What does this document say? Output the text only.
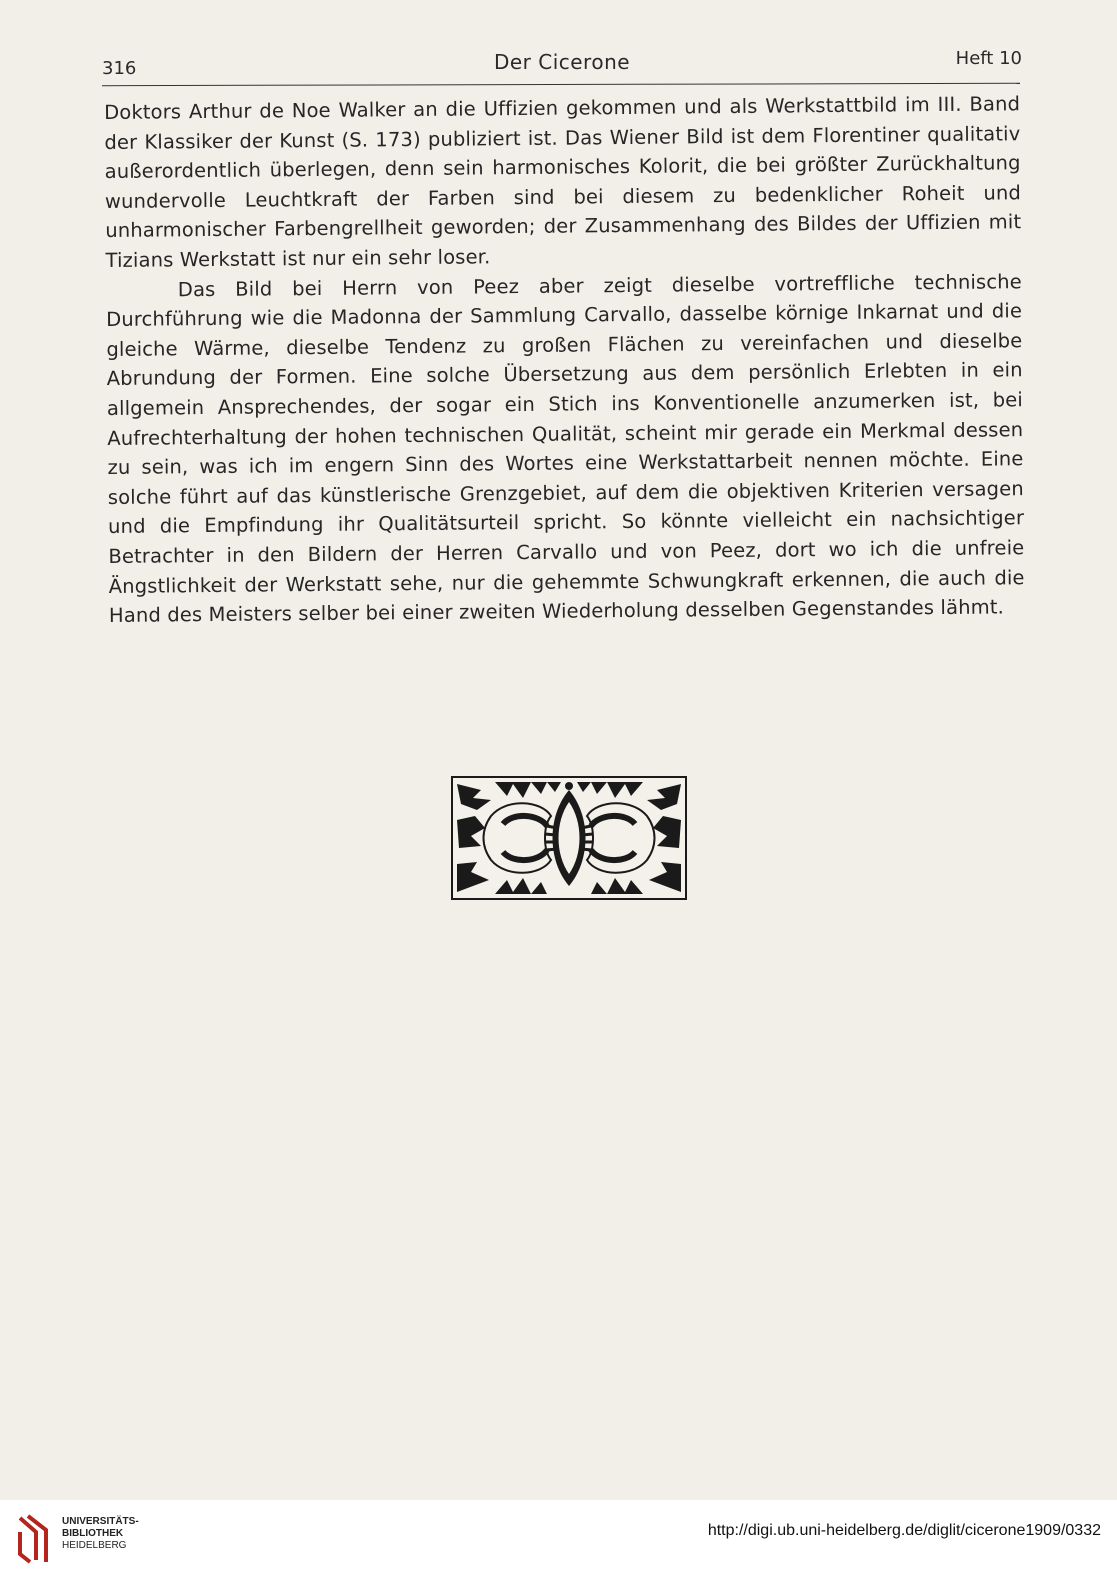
316	Der Cicerone	Heft 10

Doktors Arthur de Noe Walker an die Uffizien gekommen und als Werkstattbild im III. Band der Klassiker der Kunst (S. 173) publiziert ist. Das Wiener Bild ist dem Florentiner qualitativ außerordentlich überlegen, denn sein harmonisches Kolorit, die bei größter Zurückhaltung wundervolle Leuchtkraft der Farben sind bei diesem zu bedenklicher Roheit und unharmonischer Farbengrellheit geworden; der Zusammenhang des Bildes der Uffizien mit Tizians Werkstatt ist nur ein sehr loser.

Das Bild bei Herrn von Peez aber zeigt dieselbe vortreffliche technische Durchführung wie die Madonna der Sammlung Carvallo, dasselbe körnige Inkarnat und die gleiche Wärme, dieselbe Tendenz zu großen Flächen zu vereinfachen und dieselbe Abrundung der Formen. Eine solche Übersetzung aus dem persönlich Erlebten in ein allgemein Ansprechendes, der sogar ein Stich ins Konventionelle anzumerken ist, bei Aufrechterhaltung der hohen technischen Qualität, scheint mir gerade ein Merkmal dessen zu sein, was ich im engern Sinn des Wortes eine Werkstattarbeit nennen möchte. Eine solche führt auf das künstlerische Grenzgebiet, auf dem die objektiven Kriterien versagen und die Empfindung ihr Qualitätsurteil spricht. So könnte vielleicht ein nachsichtiger Betrachter in den Bildern der Herren Carvallo und von Peez, dort wo ich die unfreie Ängstlichkeit der Werkstatt sehe, nur die gehemmte Schwungkraft erkennen, die auch die Hand des Meisters selber bei einer zweiten Wiederholung desselben Gegenstandes lähmt.

UNIVERSITÄTS-
BIBLIOTHEK
HEIDELBERG
http://digi.ub.uni-heidelberg.de/diglit/cicerone1909/0332
